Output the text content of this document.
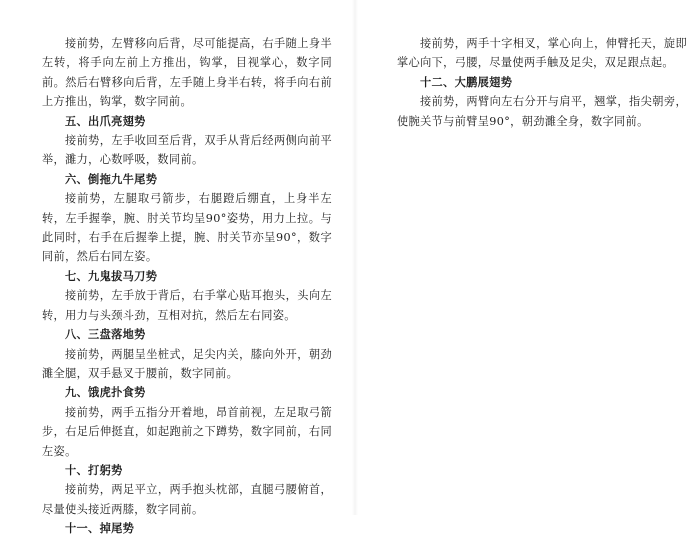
接前势，左臂移向后背，尽可能提高，右手随上身半左转，将手向左前上方推出，钩掌，目视掌心，数字同前。然后右臂移向后背，左手随上身半右转，将手向右前上方推出，钩掌，数字同前。

五、出爪亮翅势

接前势，左手收回至后背，双手从背后经两侧向前平举，濉力，心数呼吸，数同前。

六、倒拖九牛尾势

接前势，左腿取弓箭步，右腿蹬后绷直，上身半左转，左手握拳，腕、肘关节均呈90°姿势，用力上拉。与此同时，右手在后握拳上提，腕、肘关节亦呈90°，数字同前，然后右同左姿。

七、九鬼拔马刀势

接前势，左手放于背后，右手掌心贴耳抱头，头向左转，用力与头颈斗劲，互相对抗，然后左右同姿。

八、三盘落地势

接前势，两腿呈坐桩式，足尖内关，膝向外开，朝劲濉全腿，双手悬叉于腰前，数字同前。

九、饿虎扑食势

接前势，两手五指分开着地，昂首前视，左足取弓箭步，右足后伸挺直，如起跑前之下蹲势，数字同前，右同左姿。

十、打躬势

接前势，两足平立，两手抱头枕部，直腿弓腰俯首，尽量使头接近两膝，数字同前。

十一、掉尾势

接前势，两手十字相叉，掌心向上，伸臂托天，旋即掌心向下，弓腰，尽量使两手触及足尖，双足跟点起。

十二、大鹏展翅势

接前势，两臂向左右分开与肩平，翘掌，指尖朝旁，使腕关节与前臂呈90°，朝劲濉全身，数字同前。
